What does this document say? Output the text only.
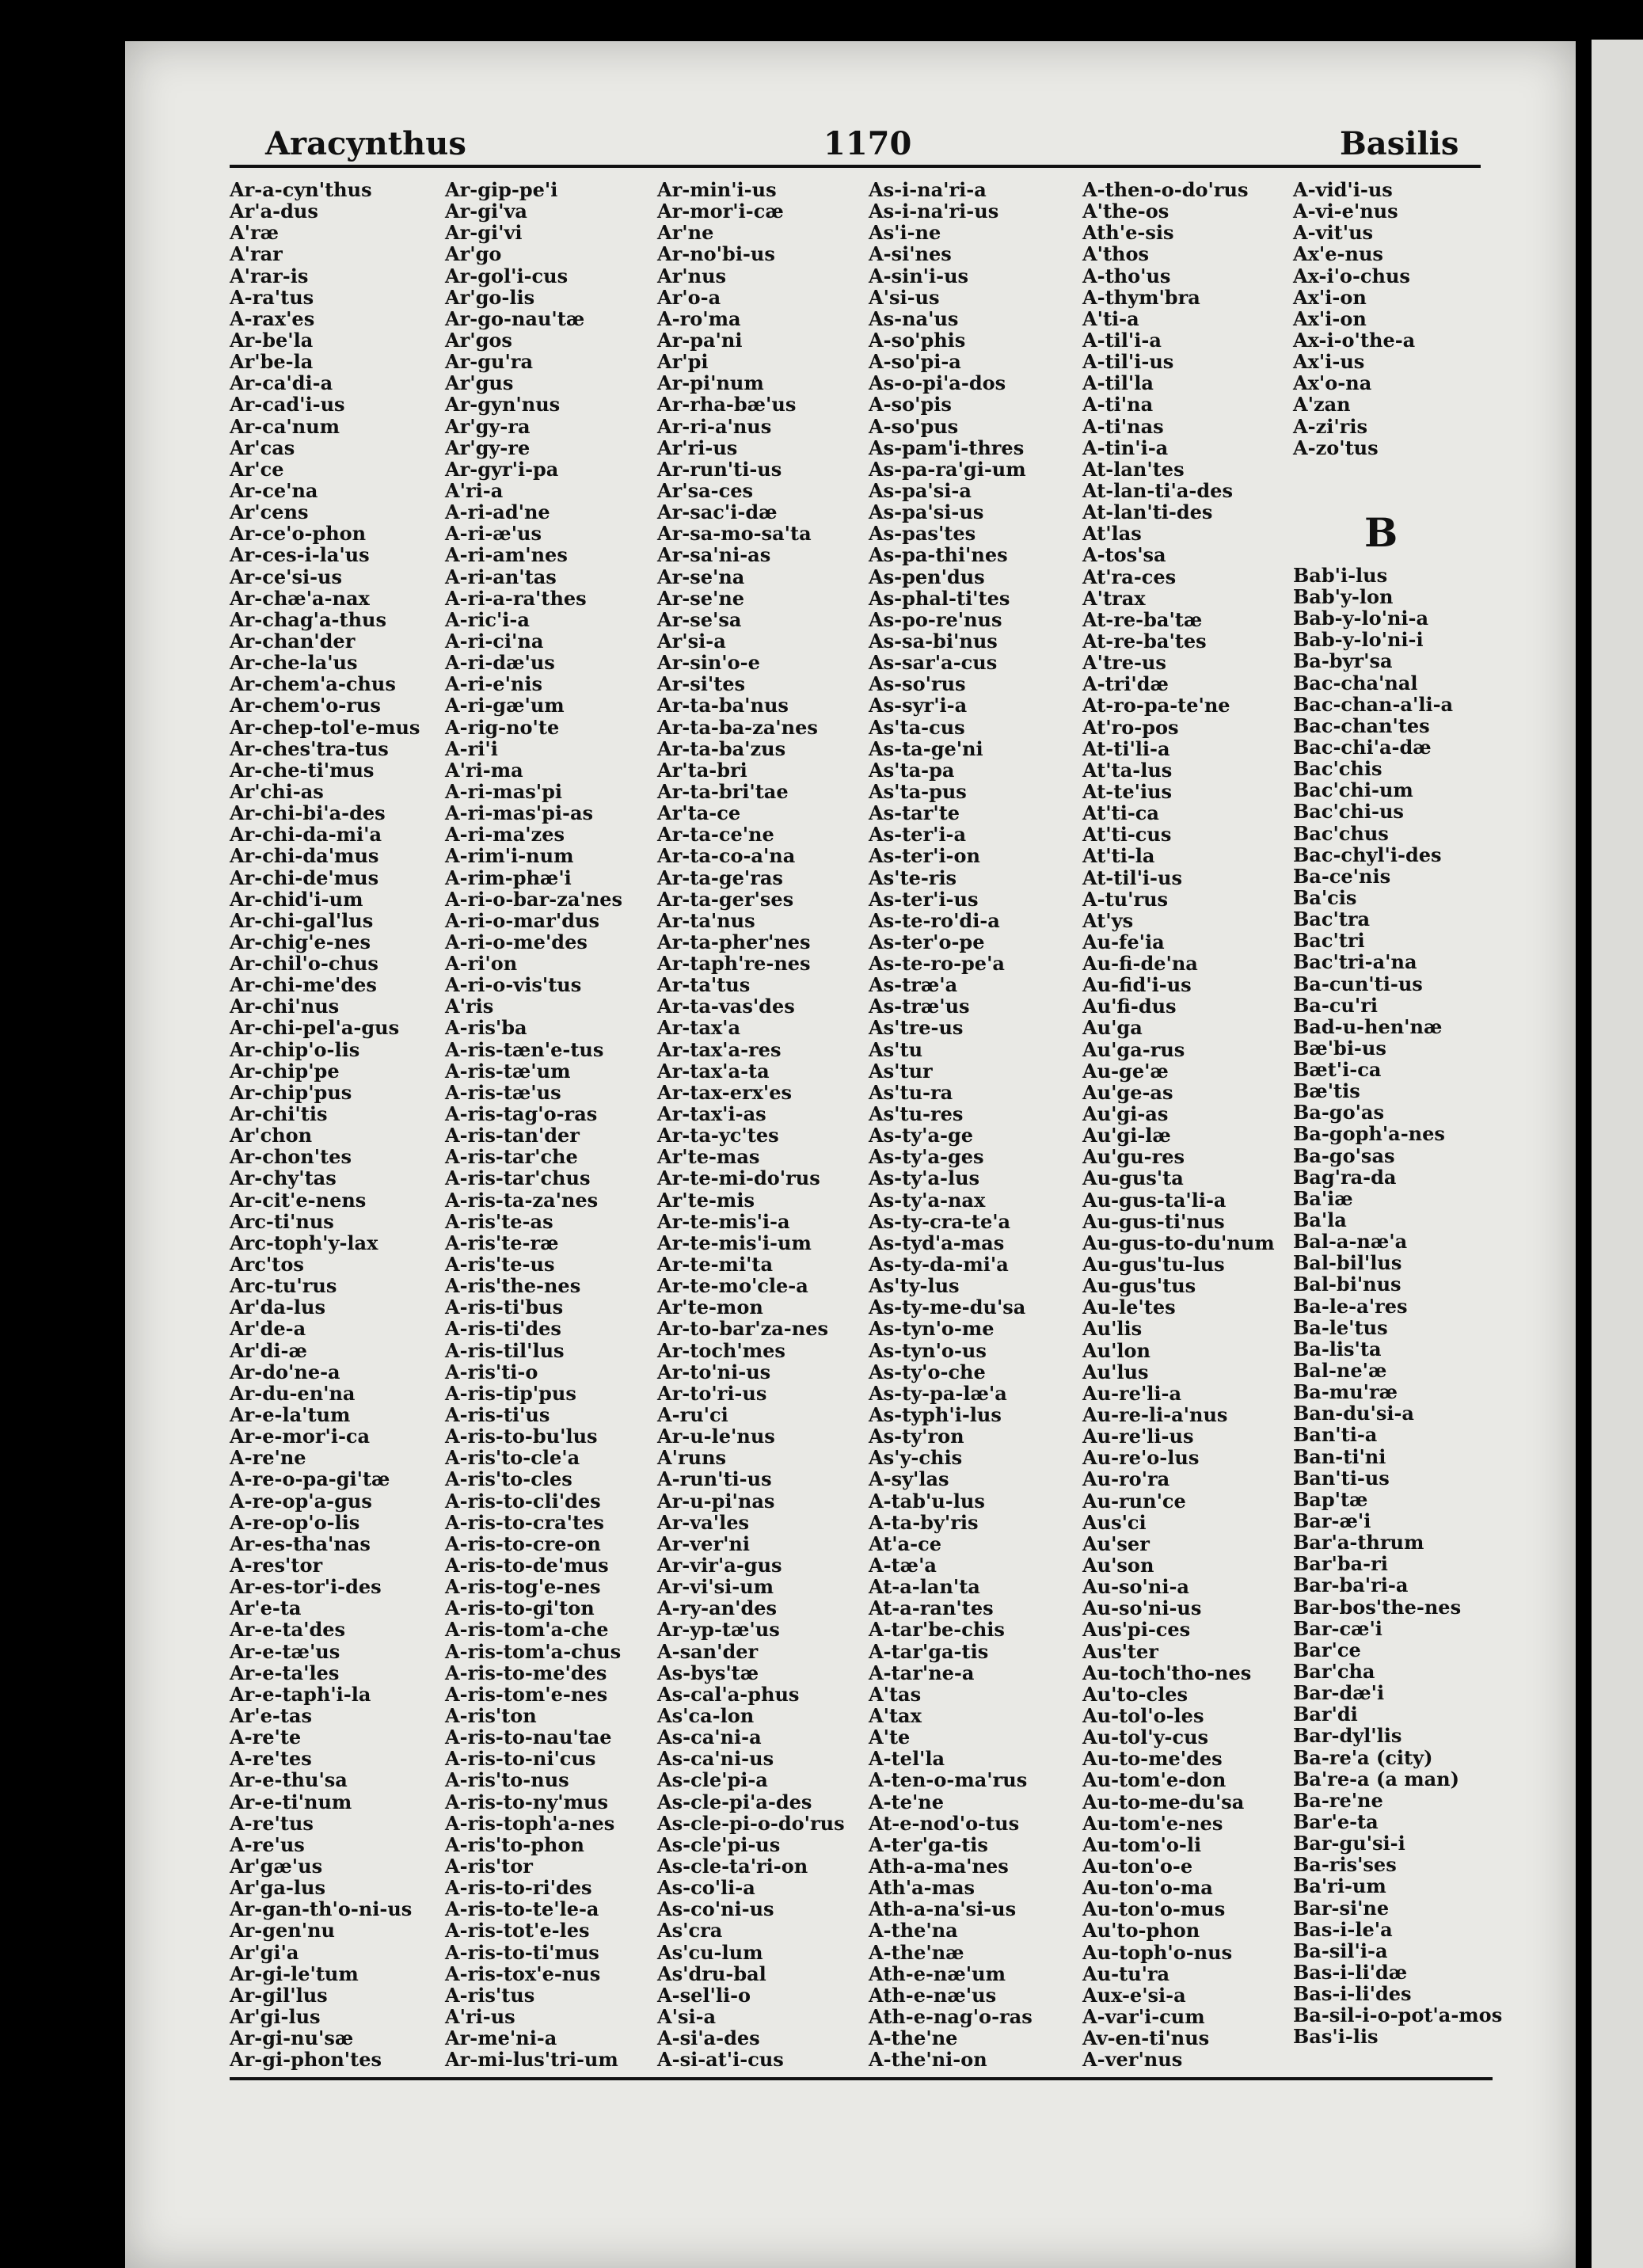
Aracynthus	1170	Basilis
Ar-a-cyn'thus
Ar'a-dus
A'ræ
A'rar
A'rar-is
A-ra'tus
A-rax'es
Ar-be'la
Ar'be-la
Ar-ca'di-a
Ar-cad'i-us
Ar-ca'num
Ar'cas
Ar'ce
Ar-ce'na
Ar'cens
Ar-ce'o-phon
Ar-ces-i-la'us
Ar-ce'si-us
Ar-chæ'a-nax
Ar-chag'a-thus
Ar-chan'der
Ar-che-la'us
Ar-chem'a-chus
Ar-chem'o-rus
Ar-chep-tol'e-mus
Ar-ches'tra-tus
Ar-che-ti'mus
Ar'chi-as
Ar-chi-bi'a-des
Ar-chi-da-mi'a
Ar-chi-da'mus
Ar-chi-de'mus
Ar-chid'i-um
Ar-chi-gal'lus
Ar-chig'e-nes
Ar-chil'o-chus
Ar-chi-me'des
Ar-chi'nus
Ar-chi-pel'a-gus
Ar-chip'o-lis
Ar-chip'pe
Ar-chip'pus
Ar-chi'tis
Ar'chon
Ar-chon'tes
Ar-chy'tas
Ar-cit'e-nens
Arc-ti'nus
Arc-toph'y-lax
Arc'tos
Arc-tu'rus
Ar'da-lus
Ar'de-a
Ar'di-æ
Ar-do'ne-a
Ar-du-en'na
Ar-e-la'tum
Ar-e-mor'i-ca
A-re'ne
A-re-o-pa-gi'tæ
A-re-op'a-gus
A-re-op'o-lis
Ar-es-tha'nas
A-res'tor
Ar-es-tor'i-des
Ar'e-ta
Ar-e-ta'des
Ar-e-tæ'us
Ar-e-ta'les
Ar-e-taph'i-la
Ar'e-tas
A-re'te
A-re'tes
Ar-e-thu'sa
Ar-e-ti'num
A-re'tus
A-re'us
Ar'gæ'us
Ar'ga-lus
Ar-gan-th'o-ni-us
Ar-gen'nu
Ar'gi'a
Ar-gi-le'tum
Ar-gil'lus
Ar'gi-lus
Ar-gi-nu'sæ
Ar-gi-phon'tes
Ar-gip-pe'i
Ar-gi'va
Ar-gi'vi
Ar'go
Ar-gol'i-cus
Ar'go-lis
Ar-go-nau'tæ
Ar'gos
Ar-gu'ra
Ar'gus
Ar-gyn'nus
Ar'gy-ra
Ar'gy-re
Ar-gyr'i-pa
A'ri-a
A-ri-ad'ne
A-ri-æ'us
A-ri-am'nes
A-ri-an'tas
A-ri-a-ra'thes
A-ric'i-a
A-ri-ci'na
A-ri-dæ'us
A-ri-e'nis
A-ri-gæ'um
A-rig-no'te
A-ri'i
A'ri-ma
A-ri-mas'pi
A-ri-mas'pi-as
A-ri-ma'zes
A-rim'i-num
A-rim-phæ'i
A-ri-o-bar-za'nes
A-ri-o-mar'dus
A-ri-o-me'des
A-ri'on
A-ri-o-vis'tus
A'ris
A-ris'ba
A-ris-tæn'e-tus
A-ris-tæ'um
A-ris-tæ'us
A-ris-tag'o-ras
A-ris-tan'der
A-ris-tar'che
A-ris-tar'chus
A-ris-ta-za'nes
A-ris'te-as
A-ris'te-ræ
A-ris'te-us
A-ris'the-nes
A-ris-ti'bus
A-ris-ti'des
A-ris-til'lus
A-ris'ti-o
A-ris-tip'pus
A-ris-ti'us
A-ris-to-bu'lus
A-ris'to-cle'a
A-ris'to-cles
A-ris-to-cli'des
A-ris-to-cra'tes
A-ris-to-cre-on
A-ris-to-de'mus
A-ris-tog'e-nes
A-ris-to-gi'ton
A-ris-tom'a-che
A-ris-tom'a-chus
A-ris-to-me'des
A-ris-tom'e-nes
A-ris'ton
A-ris-to-nau'tae
A-ris-to-ni'cus
A-ris'to-nus
A-ris-to-ny'mus
A-ris-toph'a-nes
A-ris'to-phon
A-ris'tor
A-ris-to-ri'des
A-ris-to-te'le-a
A-ris-tot'e-les
A-ris-to-ti'mus
A-ris-tox'e-nus
A-ris'tus
A'ri-us
Ar-me'ni-a
Ar-mi-lus'tri-um
Ar-min'i-us
Ar-mor'i-cæ
Ar'ne
Ar-no'bi-us
Ar'nus
Ar'o-a
A-ro'ma
Ar-pa'ni
Ar'pi
Ar-pi'num
Ar-rha-bæ'us
Ar-ri-a'nus
Ar'ri-us
Ar-run'ti-us
Ar'sa-ces
Ar-sac'i-dæ
Ar-sa-mo-sa'ta
Ar-sa'ni-as
Ar-se'na
Ar-se'ne
Ar-se'sa
Ar'si-a
Ar-sin'o-e
Ar-si'tes
Ar-ta-ba'nus
Ar-ta-ba-za'nes
Ar-ta-ba'zus
Ar'ta-bri
Ar-ta-bri'tae
Ar'ta-ce
Ar-ta-ce'ne
Ar-ta-co-a'na
Ar-ta-ge'ras
Ar-ta-ger'ses
Ar-ta'nus
Ar-ta-pher'nes
Ar-taph're-nes
Ar-ta'tus
Ar-ta-vas'des
Ar-tax'a
Ar-tax'a-res
Ar-tax'a-ta
Ar-tax-erx'es
Ar-tax'i-as
Ar-ta-yc'tes
Ar'te-mas
Ar-te-mi-do'rus
Ar'te-mis
Ar-te-mis'i-a
Ar-te-mis'i-um
Ar-te-mi'ta
Ar-te-mo'cle-a
Ar'te-mon
Ar-to-bar'za-nes
Ar-toch'mes
Ar-to'ni-us
Ar-to'ri-us
A-ru'ci
Ar-u-le'nus
A'runs
A-run'ti-us
Ar-u-pi'nas
Ar-va'les
Ar-ver'ni
Ar-vir'a-gus
Ar-vi'si-um
A-ry-an'des
Ar-yp-tæ'us
A-san'der
As-bys'tæ
As-cal'a-phus
As'ca-lon
As-ca'ni-a
As-ca'ni-us
As-cle'pi-a
As-cle-pi'a-des
As-cle-pi-o-do'rus
As-cle'pi-us
As-cle-ta'ri-on
As-co'li-a
As-co'ni-us
As'cra
As'cu-lum
As'dru-bal
A-sel'li-o
A'si-a
A-si'a-des
A-si-at'i-cus
As-i-na'ri-a
As-i-na'ri-us
As'i-ne
A-si'nes
A-sin'i-us
A'si-us
As-na'us
A-so'phis
A-so'pi-a
As-o-pi'a-dos
A-so'pis
A-so'pus
As-pam'i-thres
As-pa-ra'gi-um
As-pa'si-a
As-pa'si-us
As-pas'tes
As-pa-thi'nes
As-pen'dus
As-phal-ti'tes
As-po-re'nus
As-sa-bi'nus
As-sar'a-cus
As-so'rus
As-syr'i-a
As'ta-cus
As-ta-ge'ni
As'ta-pa
As'ta-pus
As-tar'te
As-ter'i-a
As-ter'i-on
As'te-ris
As-ter'i-us
As-te-ro'di-a
As-ter'o-pe
As-te-ro-pe'a
As-træ'a
As-træ'us
As'tre-us
As'tu
As'tur
As'tu-ra
As'tu-res
As-ty'a-ge
As-ty'a-ges
As-ty'a-lus
As-ty'a-nax
As-ty-cra-te'a
As-tyd'a-mas
As-ty-da-mi'a
As'ty-lus
As-ty-me-du'sa
As-tyn'o-me
As-tyn'o-us
As-ty'o-che
As-ty-pa-læ'a
As-typh'i-lus
As-ty'ron
As'y-chis
A-sy'las
A-tab'u-lus
A-ta-by'ris
At'a-ce
A-tæ'a
At-a-lan'ta
At-a-ran'tes
A-tar'be-chis
A-tar'ga-tis
A-tar'ne-a
A'tas
A'tax
A'te
A-tel'la
A-ten-o-ma'rus
A-te'ne
At-e-nod'o-tus
A-ter'ga-tis
Ath-a-ma'nes
Ath'a-mas
Ath-a-na'si-us
A-the'na
A-the'næ
Ath-e-næ'um
Ath-e-næ'us
Ath-e-nag'o-ras
A-the'ne
A-the'ni-on
A-then-o-do'rus
A'the-os
Ath'e-sis
A'thos
A-tho'us
A-thym'bra
A'ti-a
A-til'i-a
A-til'i-us
A-til'la
A-ti'na
A-ti'nas
A-tin'i-a
At-lan'tes
At-lan-ti'a-des
At-lan'ti-des
At'las
A-tos'sa
At'ra-ces
A'trax
At-re-ba'tæ
At-re-ba'tes
A'tre-us
A-tri'dæ
At-ro-pa-te'ne
At'ro-pos
At-ti'li-a
At'ta-lus
At-te'ius
At'ti-ca
At'ti-cus
At'ti-la
At-til'i-us
A-tu'rus
At'ys
Au-fe'ia
Au-fi-de'na
Au-fid'i-us
Au'fi-dus
Au'ga
Au'ga-rus
Au-ge'æ
Au'ge-as
Au'gi-as
Au'gi-læ
Au'gu-res
Au-gus'ta
Au-gus-ta'li-a
Au-gus-ti'nus
Au-gus-to-du'num
Au-gus'tu-lus
Au-gus'tus
Au-le'tes
Au'lis
Au'lon
Au'lus
Au-re'li-a
Au-re-li-a'nus
Au-re'li-us
Au-re'o-lus
Au-ro'ra
Au-run'ce
Aus'ci
Au'ser
Au'son
Au-so'ni-a
Au-so'ni-us
Aus'pi-ces
Aus'ter
Au-toch'tho-nes
Au'to-cles
Au-tol'o-les
Au-tol'y-cus
Au-to-me'des
Au-tom'e-don
Au-to-me-du'sa
Au-tom'e-nes
Au-tom'o-li
Au-ton'o-e
Au-ton'o-ma
Au-ton'o-mus
Au'to-phon
Au-toph'o-nus
Au-tu'ra
Aux-e'si-a
A-var'i-cum
Av-en-ti'nus
A-ver'nus
A-vid'i-us
A-vi-e'nus
A-vit'us
Ax'e-nus
Ax-i'o-chus
Ax'i-on
Ax'i-on
Ax-i-o'the-a
Ax'i-us
Ax'o-na
A'zan
A-zi'ris
A-zo'tus
B
Bab'i-lus
Bab'y-lon
Bab-y-lo'ni-a
Bab-y-lo'ni-i
Ba-byr'sa
Bac-cha'nal
Bac-chan-a'li-a
Bac-chan'tes
Bac-chi'a-dæ
Bac'chis
Bac'chi-um
Bac'chi-us
Bac'chus
Bac-chyl'i-des
Ba-ce'nis
Ba'cis
Bac'tra
Bac'tri
Bac'tri-a'na
Ba-cun'ti-us
Ba-cu'ri
Bad-u-hen'næ
Bæ'bi-us
Bæt'i-ca
Bæ'tis
Ba-go'as
Ba-goph'a-nes
Ba-go'sas
Bag'ra-da
Ba'iæ
Ba'la
Bal-a-næ'a
Bal-bil'lus
Bal-bi'nus
Ba-le-a'res
Ba-le'tus
Ba-lis'ta
Bal-ne'æ
Ba-mu'ræ
Ban-du'si-a
Ban'ti-a
Ban-ti'ni
Ban'ti-us
Bap'tæ
Bar-æ'i
Bar'a-thrum
Bar'ba-ri
Bar-ba'ri-a
Bar-bos'the-nes
Bar-cæ'i
Bar'ce
Bar'cha
Bar-dæ'i
Bar'di
Bar-dyl'lis
Ba-re'a (city)
Ba're-a (a man)
Ba-re'ne
Bar'e-ta
Bar-gu'si-i
Ba-ris'ses
Ba'ri-um
Bar-si'ne
Bas-i-le'a
Ba-sil'i-a
Bas-i-li'dæ
Bas-i-li'des
Ba-sil-i-o-pot'a-mos
Bas'i-lis
